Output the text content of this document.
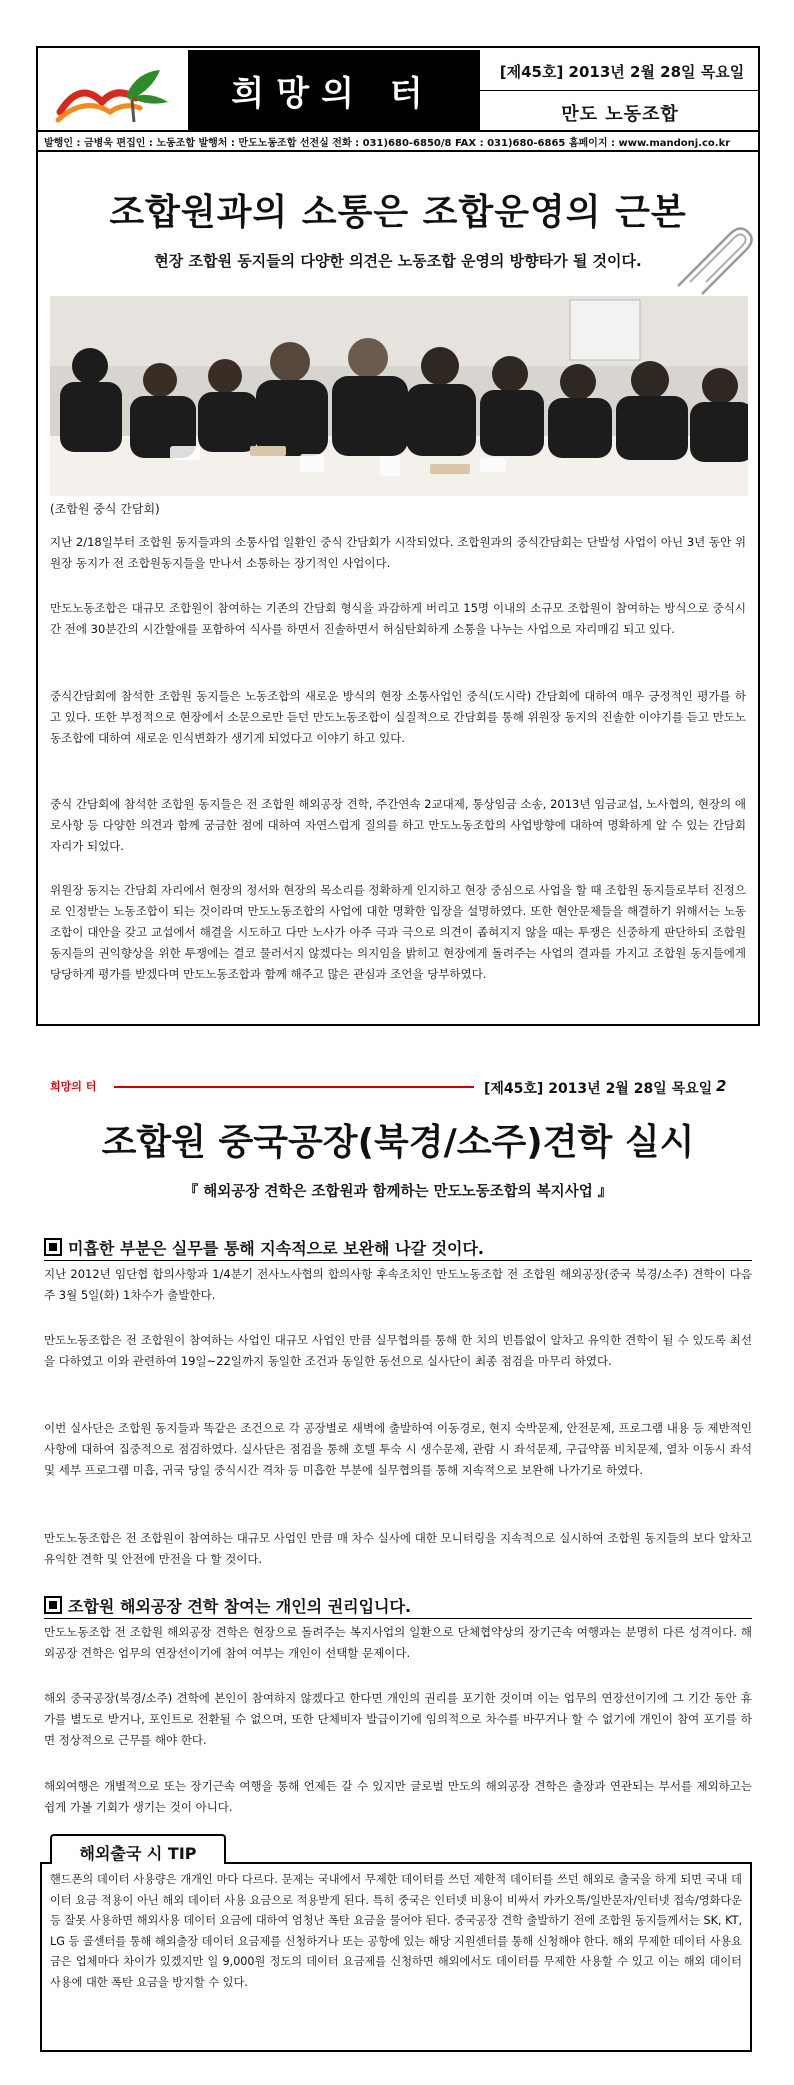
희망의 터
[제45호] 2013년 2월 28일 목요일
만도 노동조합
발행인 : 금병욱 편집인 : 노동조합 발행처 : 만도노동조합 선전실 전화 : 031)680-6850/8 FAX : 031)680-6865 홈페이지 : www.mandonj.co.kr
조합원과의 소통은 조합운영의 근본
현장 조합원 동지들의 다양한 의견은 노동조합 운영의 방향타가 될 것이다.
(조합원 중식 간담회)
지난 2/18일부터 조합원 동지들과의 소통사업 일환인 중식 간담회가 시작되었다. 조합원과의 중식간담회는 단발성 사업이 아닌 3년 동안 위원장 동지가 전 조합원동지들을 만나서 소통하는 장기적인 사업이다.
만도노동조합은 대규모 조합원이 참여하는 기존의 간담회 형식을 과감하게 버리고 15명 이내의 소규모 조합원이 참여하는 방식으로 중식시간 전에 30분간의 시간할애를 포함하여 식사를 하면서 진솔하면서 허심탄회하게 소통을 나누는 사업으로 자리매김 되고 있다.
중식간담회에 참석한 조합원 동지들은 노동조합의 새로운 방식의 현장 소통사업인 중식(도시락) 간담회에 대하여 매우 긍정적인 평가를 하고 있다. 또한 부정적으로 현장에서 소문으로만 듣던 만도노동조합이 실질적으로 간담회를 통해 위원장 동지의 진솔한 이야기를 듣고 만도노동조합에 대하여 새로운 인식변화가 생기게 되었다고 이야기 하고 있다.
중식 간담회에 참석한 조합원 동지들은 전 조합원 해외공장 견학, 주간연속 2교대제, 통상임금 소송, 2013년 임금교섭, 노사협의, 현장의 애로사항 등 다양한 의견과 함께 궁금한 점에 대하여 자연스럽게 질의를 하고 만도노동조합의 사업방향에 대하여 명확하게 알 수 있는 간담회 자리가 되었다.
위원장 동지는 간담회 자리에서 현장의 정서와 현장의 목소리를 정확하게 인지하고 현장 중심으로 사업을 할 때 조합원 동지들로부터 진정으로 인정받는 노동조합이 되는 것이라며 만도노동조합의 사업에 대한 명확한 입장을 설명하였다. 또한 현안문제들을 해결하기 위해서는 노동조합이 대안을 갖고 교섭에서 해결을 시도하고 다만 노사가 아주 극과 극으로 의견이 좁혀지지 않을 때는 투쟁은 신중하게 판단하되 조합원 동지들의 권익향상을 위한 투쟁에는 결코 물러서지 않겠다는 의지임을 밝히고 현장에게 돌려주는 사업의 결과를 가지고 조합원 동지들에게 당당하게 평가를 받겠다며 만도노동조합과 함께 해주고 많은 관심과 조언을 당부하였다.
희망의 터	[제45호] 2013년 2월 28일 목요일 2
조합원 중국공장(북경/소주)견학 실시
『 해외공장 견학은 조합원과 함께하는 만도노동조합의 복지사업 』
미흡한 부분은 실무를 통해 지속적으로 보완해 나갈 것이다.
지난 2012년 임단협 합의사항과 1/4분기 전사노사협의 합의사항 후속조치인 만도노동조합 전 조합원 해외공장(중국 북경/소주) 견학이 다음주 3월 5일(화) 1차수가 출발한다.
만도노동조합은 전 조합원이 참여하는 사업인 대규모 사업인 만큼 실무협의를 통해 한 치의 빈틈없이 알차고 유익한 견학이 될 수 있도록 최선을 다하였고 이와 관련하여 19일~22일까지 동일한 조건과 동일한 동선으로 실사단이 최종 점검을 마무리 하였다.
이번 실사단은 조합원 동지들과 똑같은 조건으로 각 공장별로 새벽에 출발하여 이동경로, 현지 숙박문제, 안전문제, 프로그램 내용 등 제반적인 사항에 대하여 집중적으로 점검하였다. 실사단은 점검을 통해 호텔 투숙 시 생수문제, 관람 시 좌석문제, 구급약품 비치문제, 열차 이동시 좌석 및 세부 프로그램 미흡, 귀국 당일 중식시간 격차 등 미흡한 부분에 실무협의를 통해 지속적으로 보완해 나가기로 하였다.
만도노동조합은 전 조합원이 참여하는 대규모 사업인 만큼 매 차수 실사에 대한 모니터링을 지속적으로 실시하여 조합원 동지들의 보다 알차고 유익한 견학 및 안전에 만전을 다 할 것이다.
조합원 해외공장 견학 참여는 개인의 권리입니다.
만도노동조합 전 조합원 해외공장 견학은 현장으로 돌려주는 복지사업의 일환으로 단체협약상의 장기근속 여행과는 분명히 다른 성격이다. 해외공장 견학은 업무의 연장선이기에 참여 여부는 개인이 선택할 문제이다.
해외 중국공장(북경/소주) 견학에 본인이 참여하지 않겠다고 한다면 개인의 권리를 포기한 것이며 이는 업무의 연장선이기에 그 기간 동안 휴가를 별도로 받거나, 포인트로 전환될 수 없으며, 또한 단체비자 발급이기에 임의적으로 차수를 바꾸거나 할 수 없기에 개인이 참여 포기를 하면 정상적으로 근무를 해야 한다.
해외여행은 개별적으로 또는 장기근속 여행을 통해 언제든 갈 수 있지만 글로벌 만도의 해외공장 견학은 출장과 연관되는 부서를 제외하고는 쉽게 가볼 기회가 생기는 것이 아니다.
핸드폰의 데이터 사용량은 개개인 마다 다르다. 문제는 국내에서 무제한 데이터를 쓰던 제한적 데이터를 쓰던 해외로 출국을 하게 되면 국내 데이터 요금 적용이 아닌 해외 데이터 사용 요금으로 적용받게 된다. 특히 중국은 인터넷 비용이 비싸서 카카오톡/일반문자/인터넷 접속/영화다운 등 잘못 사용하면 해외사용 데이터 요금에 대하여 엄청난 폭탄 요금을 물어야 된다. 중국공장 견학 출발하기 전에 조합원 동지들께서는 SK, KT, LG 등 콜센터를 통해 해외출장 데이터 요금제를 신청하거나 또는 공항에 있는 해당 지원센터를 통해 신청해야 한다. 해외 무제한 데이터 사용요금은 업체마다 차이가 있겠지만 일 9,000원 정도의 데이터 요금제를 신청하면 해외에서도 데이터를 무제한 사용할 수 있고 이는 해외 데이터 사용에 대한 폭탄 요금을 방지할 수 있다.
해외출국 시 TIP
